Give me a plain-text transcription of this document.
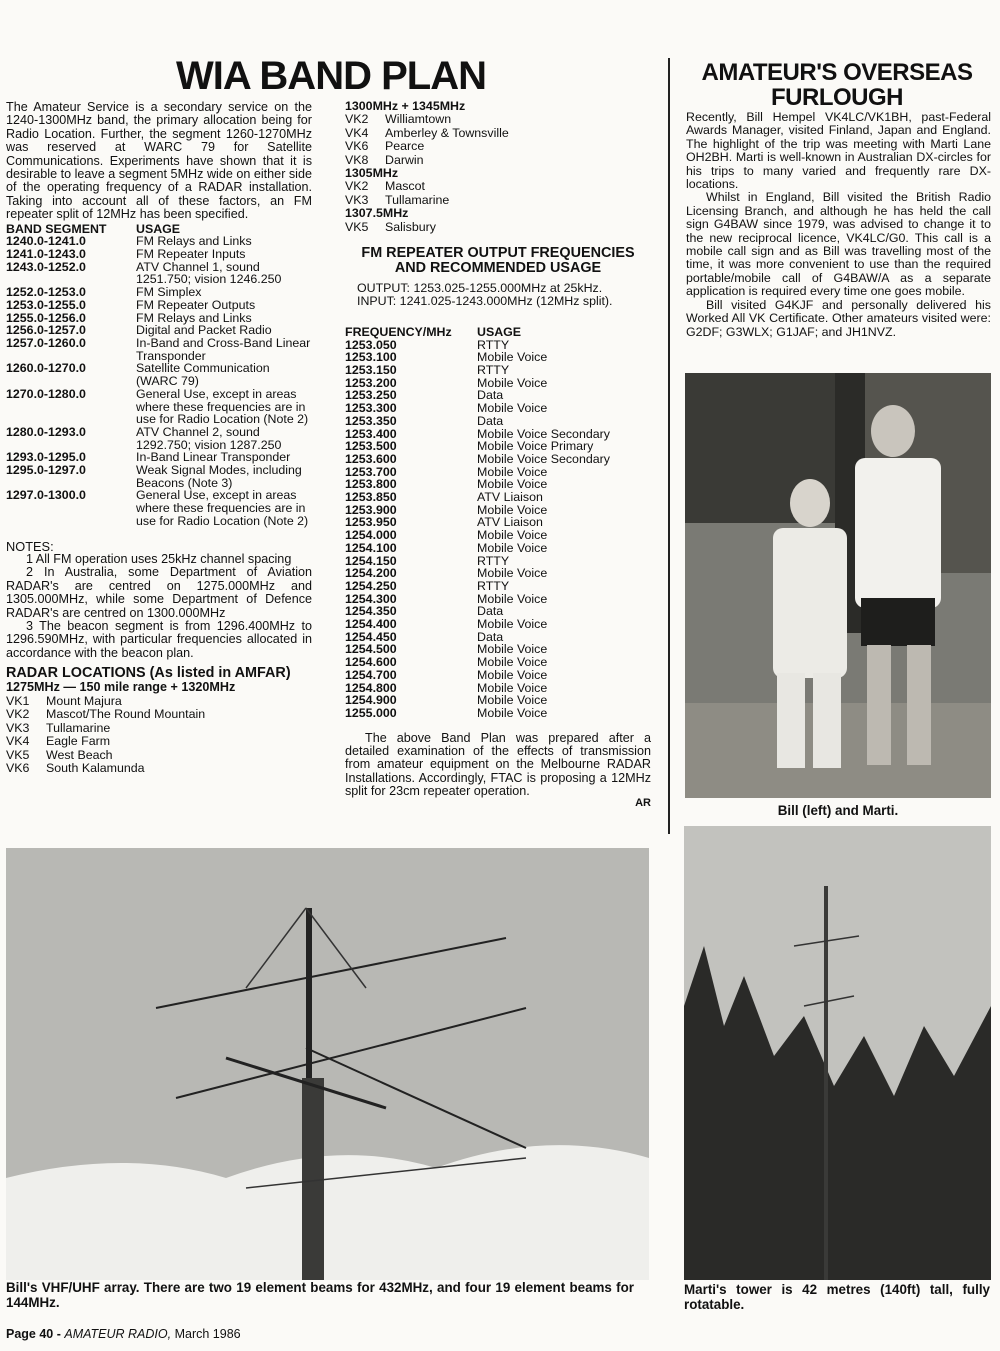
WIA BAND PLAN

The Amateur Service is a secondary service on the 1240-1300MHz band, the primary allocation being for Radio Location. Further, the segment 1260-1270MHz was reserved at WARC 79 for Satellite Communications. Experiments have shown that it is desirable to leave a segment 5MHz wide on either side of the operating frequency of a RADAR installation. Taking into account all of these factors, an FM repeater split of 12MHz has been specified.

BAND SEGMENT	USAGE
1240.0-1241.0	FM Relays and Links
1241.0-1243.0	FM Repeater Inputs
1243.0-1252.0	ATV Channel 1, sound 1251.750; vision 1246.250
1252.0-1253.0	FM Simplex
1253.0-1255.0	FM Repeater Outputs
1255.0-1256.0	FM Relays and Links
1256.0-1257.0	Digital and Packet Radio
1257.0-1260.0	In-Band and Cross-Band Linear Transponder
1260.0-1270.0	Satellite Communication (WARC 79)
1270.0-1280.0	General Use, except in areas where these frequencies are in use for Radio Location (Note 2)
1280.0-1293.0	ATV Channel 2, sound 1292.750; vision 1287.250
1293.0-1295.0	In-Band Linear Transponder
1295.0-1297.0	Weak Signal Modes, including Beacons (Note 3)
1297.0-1300.0	General Use, except in areas where these frequencies are in use for Radio Location (Note 2)
NOTES:

1 All FM operation uses 25kHz channel spacing

2 In Australia, some Department of Aviation RADAR's are centred on 1275.000MHz and 1305.000MHz, while some Department of Defence RADAR's are centred on 1300.000MHz

3 The beacon segment is from 1296.400MHz to 1296.590MHz, with particular frequencies allocated in accordance with the beacon plan.

RADAR LOCATIONS (As listed in AMFAR)
1275MHz — 150 mile range + 1320MHz
VK1	Mount Majura
VK2	Mascot/The Round Mountain
VK3	Tullamarine
VK4	Eagle Farm
VK5	West Beach
VK6	South Kalamunda
1300MHz + 1345MHz
VK2	Williamtown
VK4	Amberley & Townsville
VK6	Pearce
VK8	Darwin
1305MHz
VK2	Mascot
VK3	Tullamarine
1307.5MHz
VK5	Salisbury
FM REPEATER OUTPUT FREQUENCIES
AND RECOMMENDED USAGE
OUTPUT: 1253.025-1255.000MHz at 25kHz.
INPUT: 1241.025-1243.000MHz (12MHz split).
FREQUENCY/MHz	USAGE
1253.050	RTTY
1253.100	Mobile Voice
1253.150	RTTY
1253.200	Mobile Voice
1253.250	Data
1253.300	Mobile Voice
1253.350	Data
1253.400	Mobile Voice Secondary
1253.500	Mobile Voice Primary
1253.600	Mobile Voice Secondary
1253.700	Mobile Voice
1253.800	Mobile Voice
1253.850	ATV Liaison
1253.900	Mobile Voice
1253.950	ATV Liaison
1254.000	Mobile Voice
1254.100	Mobile Voice
1254.150	RTTY
1254.200	Mobile Voice
1254.250	RTTY
1254.300	Mobile Voice
1254.350	Data
1254.400	Mobile Voice
1254.450	Data
1254.500	Mobile Voice
1254.600	Mobile Voice
1254.700	Mobile Voice
1254.800	Mobile Voice
1254.900	Mobile Voice
1255.000	Mobile Voice

The above Band Plan was prepared after a detailed examination of the effects of transmission from amateur equipment on the Melbourne RADAR Installations. Accordingly, FTAC is proposing a 12MHz split for 23cm repeater operation.

AR
AMATEUR'S OVERSEAS
FURLOUGH

Recently, Bill Hempel VK4LC/VK1BH, past-Federal Awards Manager, visited Finland, Japan and England. The highlight of the trip was meeting with Marti Lane OH2BH. Marti is well-known in Australian DX-circles for his trips to many varied and frequently rare DX-locations.

Whilst in England, Bill visited the British Radio Licensing Branch, and although he has held the call sign G4BAW since 1979, was advised to change it to the new reciprocal licence, VK4LC/G0. This call is a mobile call sign and as Bill was travelling most of the time, it was more convenient to use than the required portable/mobile call of G4BAW/A as a separate application is required every time one goes mobile.

Bill visited G4KJF and personally delivered his Worked All VK Certificate. Other amateurs visited were: G2DF; G3WLX; G1JAF; and JH1NVZ.

Bill (left) and Marti.
Bill's VHF/UHF array. There are two 19 element beams for 432MHz, and four 19 element beams for 144MHz.
Marti's tower is 42 metres (140ft) tall, fully rotatable.
Page 40 - AMATEUR RADIO, March 1986
